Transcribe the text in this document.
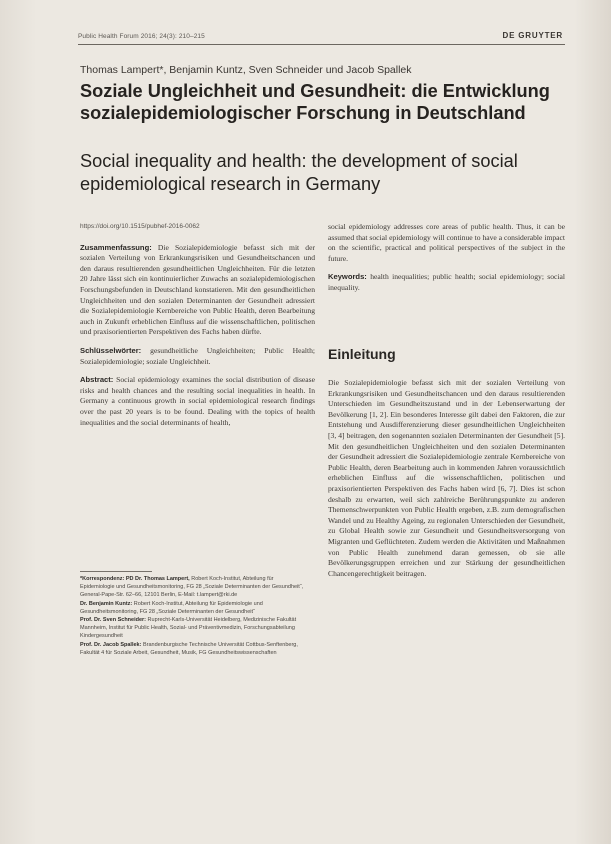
Public Health Forum 2016; 24(3): 210–215	DE GRUYTER
Thomas Lampert*, Benjamin Kuntz, Sven Schneider und Jacob Spallek
Soziale Ungleichheit und Gesundheit: die Entwicklung sozialepidemiologischer Forschung in Deutschland
Social inequality and health: the development of social epidemiological research in Germany

https://doi.org/10.1515/pubhef-2016-0062

Zusammenfassung: Die Sozialepidemiologie befasst sich mit der sozialen Verteilung von Erkrankungsrisiken und Gesundheitschancen und den daraus resultierenden gesundheitlichen Ungleichheiten. Für die letzten 20 Jahre lässt sich ein kontinuierlicher Zuwachs an sozialepidemiologischen Forschungsbefunden in Deutschland konstatieren. Mit den gesundheitlichen Ungleichheiten und den sozialen Determinanten der Gesundheit adressiert die Sozialepidemiologie Kernbereiche von Public Health, deren Bearbeitung auch in Zukunft erheblichen Einfluss auf die wissenschaftlichen, politischen und praxisorientierten Perspektiven des Fachs haben dürfte.

Schlüsselwörter: gesundheitliche Ungleichheiten; Public Health; Sozialepidemiologie; soziale Ungleichheit.

Abstract: Social epidemiology examines the social distribution of disease risks and health chances and the resulting social inequalities in health. In Germany a continuous growth in social epidemiological research findings over the past 20 years is to be found. Dealing with the topics of health inequalities and the social determinants of health,

*Korrespondenz: PD Dr. Thomas Lampert, Robert Koch-Institut, Abteilung für Epidemiologie und Gesundheitsmonitoring, FG 28 „Soziale Determinanten der Gesundheit“, General-Pape-Str. 62–66, 12101 Berlin, E-Mail: t.lampert@rki.de

Dr. Benjamin Kuntz: Robert Koch-Institut, Abteilung für Epidemiologie und Gesundheitsmonitoring, FG 28 „Soziale Determinanten der Gesundheit“

Prof. Dr. Sven Schneider: Ruprecht-Karls-Universität Heidelberg, Medizinische Fakultät Mannheim, Institut für Public Health, Sozial- und Präventivmedizin, Forschungsabteilung Kindergesundheit

Prof. Dr. Jacob Spallek: Brandenburgische Technische Universität Cottbus-Senftenberg, Fakultät 4 für Soziale Arbeit, Gesundheit, Musik, FG Gesundheitswissenschaften

social epidemiology addresses core areas of public health. Thus, it can be assumed that social epidemiology will continue to have a considerable impact on the scientific, practical and political perspectives of the subject in the future.

Keywords: health inequalities; public health; social epidemiology; social inequality.

Einleitung

Die Sozialepidemiologie befasst sich mit der sozialen Verteilung von Erkrankungsrisiken und Gesundheitschancen und den daraus resultierenden Unterschieden im Gesundheitszustand und in der Lebenserwartung der Bevölkerung [1, 2]. Ein besonderes Interesse gilt dabei den Faktoren, die zur Entstehung und Ausdifferenzierung dieser gesundheitlichen Ungleichheiten [3, 4] beitragen, den sogenannten sozialen Determinanten der Gesundheit [5]. Mit den gesundheitlichen Ungleichheiten und den sozialen Determinanten der Gesundheit adressiert die Sozialepidemiologie zentrale Kernbereiche von Public Health, deren Bearbeitung auch in kommenden Jahren voraussichtlich erheblichen Einfluss auf die wissenschaftlichen, politischen und praxisorientierten Perspektiven des Fachs haben wird [6, 7]. Dies ist schon deshalb zu erwarten, weil sich zahlreiche Berührungspunkte zu anderen Themenschwerpunkten von Public Health ergeben, z.B. zum demografischen Wandel und zu Healthy Ageing, zu regionalen Unterschieden der Gesundheit, zu Global Health sowie zur Gesundheit und Gesundheitsversorgung von Migranten und Geflüchteten. Zudem werden die Aktivitäten und Maßnahmen von Public Health zunehmend daran gemessen, ob sie alle Bevölkerungsgruppen erreichen und zur Stärkung der gesundheitlichen Chancengerechtigkeit beitragen.
